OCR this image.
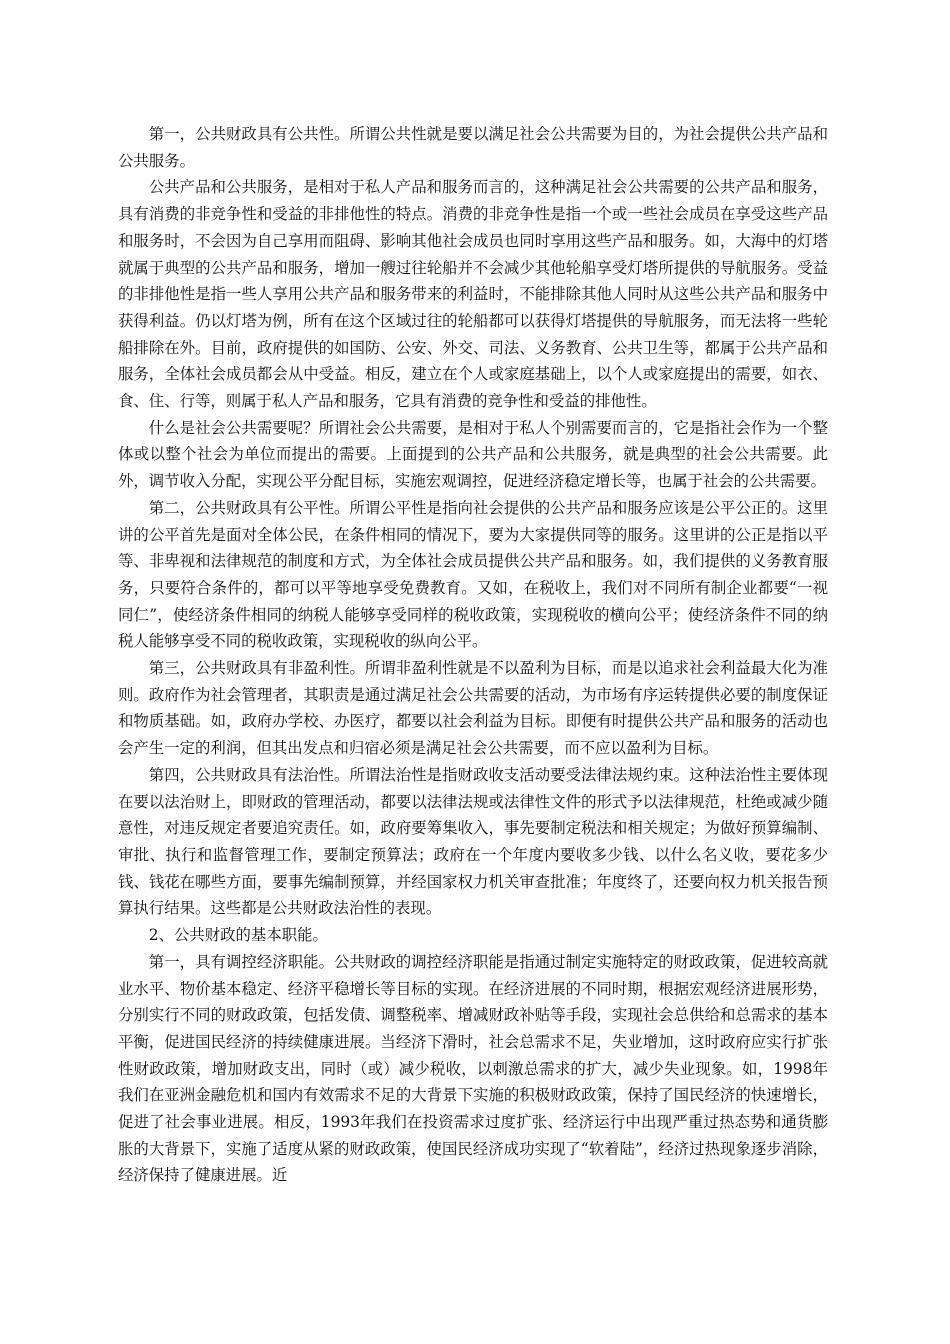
第一，公共财政具有公共性。所谓公共性就是要以满足社会公共需要为目的，为社会提供公共产品和公共服务。

公共产品和公共服务，是相对于私人产品和服务而言的，这种满足社会公共需要的公共产品和服务，具有消费的非竞争性和受益的非排他性的特点。消费的非竞争性是指一个或一些社会成员在享受这些产品和服务时，不会因为自己享用而阻碍、影响其他社会成员也同时享用这些产品和服务。如，大海中的灯塔就属于典型的公共产品和服务，增加一艘过往轮船并不会减少其他轮船享受灯塔所提供的导航服务。受益的非排他性是指一些人享用公共产品和服务带来的利益时，不能排除其他人同时从这些公共产品和服务中获得利益。仍以灯塔为例，所有在这个区域过往的轮船都可以获得灯塔提供的导航服务，而无法将一些轮船排除在外。目前，政府提供的如国防、公安、外交、司法、义务教育、公共卫生等，都属于公共产品和服务，全体社会成员都会从中受益。相反，建立在个人或家庭基础上，以个人或家庭提出的需要，如衣、食、住、行等，则属于私人产品和服务，它具有消费的竞争性和受益的排他性。

什么是社会公共需要呢？所谓社会公共需要，是相对于私人个别需要而言的，它是指社会作为一个整体或以整个社会为单位而提出的需要。上面提到的公共产品和公共服务，就是典型的社会公共需要。此外，调节收入分配，实现公平分配目标，实施宏观调控，促进经济稳定增长等，也属于社会的公共需要。

第二，公共财政具有公平性。所谓公平性是指向社会提供的公共产品和服务应该是公平公正的。这里讲的公平首先是面对全体公民，在条件相同的情况下，要为大家提供同等的服务。这里讲的公正是指以平等、非卑视和法律规范的制度和方式，为全体社会成员提供公共产品和服务。如，我们提供的义务教育服务，只要符合条件的，都可以平等地享受免费教育。又如，在税收上，我们对不同所有制企业都要“一视同仁”，使经济条件相同的纳税人能够享受同样的税收政策，实现税收的横向公平；使经济条件不同的纳税人能够享受不同的税收政策，实现税收的纵向公平。

第三，公共财政具有非盈利性。所谓非盈利性就是不以盈利为目标，而是以追求社会利益最大化为准则。政府作为社会管理者，其职责是通过满足社会公共需要的活动，为市场有序运转提供必要的制度保证和物质基础。如，政府办学校、办医疗，都要以社会利益为目标。即便有时提供公共产品和服务的活动也会产生一定的利润，但其出发点和归宿必须是满足社会公共需要，而不应以盈利为目标。

第四，公共财政具有法治性。所谓法治性是指财政收支活动要受法律法规约束。这种法治性主要体现在要以法治财上，即财政的管理活动，都要以法律法规或法律性文件的形式予以法律规范，杜绝或减少随意性，对违反规定者要追究责任。如，政府要筹集收入，事先要制定税法和相关规定；为做好预算编制、审批、执行和监督管理工作，要制定预算法；政府在一个年度内要收多少钱、以什么名义收，要花多少钱、钱花在哪些方面，要事先编制预算，并经国家权力机关审查批准；年度终了，还要向权力机关报告预算执行结果。这些都是公共财政法治性的表现。

2、公共财政的基本职能。

第一，具有调控经济职能。公共财政的调控经济职能是指通过制定实施特定的财政政策，促进较高就业水平、物价基本稳定、经济平稳增长等目标的实现。在经济进展的不同时期，根据宏观经济进展形势，分别实行不同的财政政策，包括发债、调整税率、增减财政补贴等手段，实现社会总供给和总需求的基本平衡，促进国民经济的持续健康进展。当经济下滑时，社会总需求不足，失业增加，这时政府应实行扩张性财政政策，增加财政支出，同时（或）减少税收，以刺激总需求的扩大，减少失业现象。如，1998年我们在亚洲金融危机和国内有效需求不足的大背景下实施的积极财政政策，保持了国民经济的快速增长，促进了社会事业进展。相反，1993年我们在投资需求过度扩张、经济运行中出现严重过热态势和通货膨胀的大背景下，实施了适度从紧的财政政策，使国民经济成功实现了“软着陆”，经济过热现象逐步消除，经济保持了健康进展。近
